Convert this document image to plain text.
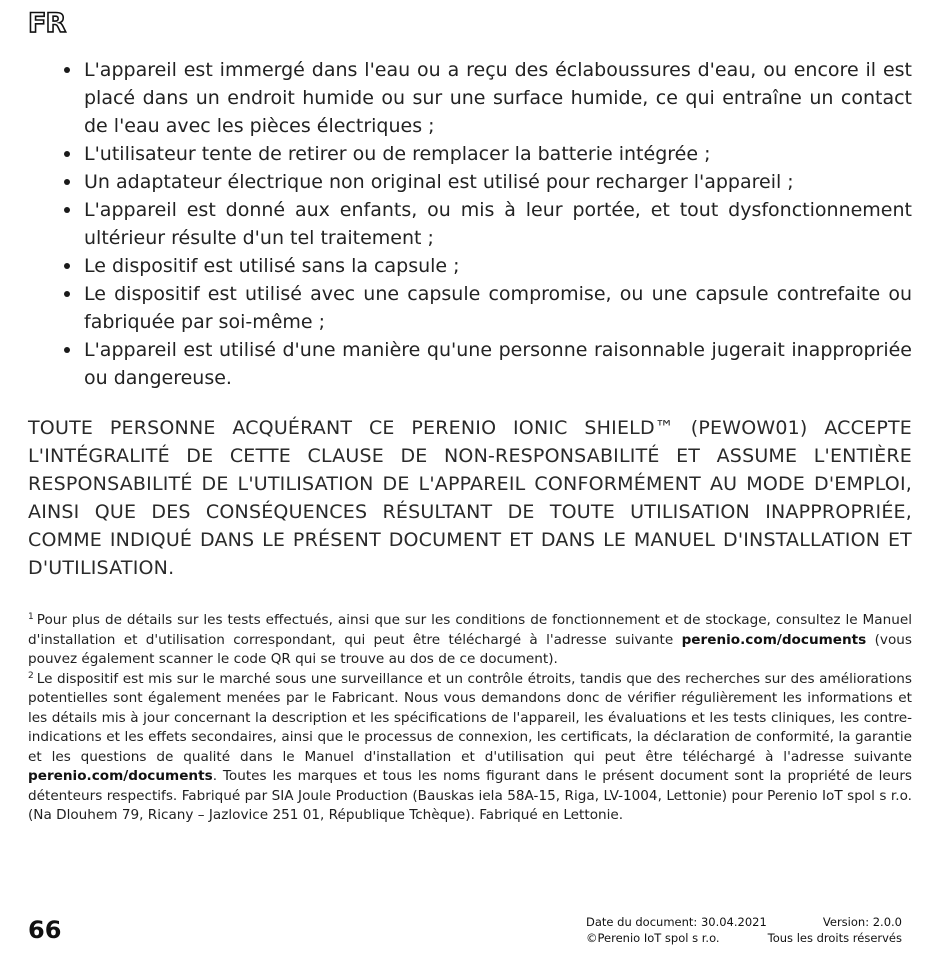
FR
L'appareil est immergé dans l'eau ou a reçu des éclaboussures d'eau, ou encore il est placé dans un endroit humide ou sur une surface humide, ce qui entraîne un contact de l'eau avec les pièces électriques ;
L'utilisateur tente de retirer ou de remplacer la batterie intégrée ;
Un adaptateur électrique non original est utilisé pour recharger l'appareil ;
L'appareil est donné aux enfants, ou mis à leur portée, et tout dysfonctionnement ultérieur résulte d'un tel traitement ;
Le dispositif est utilisé sans la capsule ;
Le dispositif est utilisé avec une capsule compromise, ou une capsule contrefaite ou fabriquée par soi-même ;
L'appareil est utilisé d'une manière qu'une personne raisonnable jugerait inappropriée ou dangereuse.

TOUTE PERSONNE ACQUÉRANT CE PERENIO IONIC SHIELD™ (PEWOW01) ACCEPTE L'INTÉGRALITÉ DE CETTE CLAUSE DE NON-RESPONSABILITÉ ET ASSUME L'ENTIÈRE RESPONSABILITÉ DE L'UTILISATION DE L'APPAREIL CONFORMÉMENT AU MODE D'EMPLOI, AINSI QUE DES CONSÉQUENCES RÉSULTANT DE TOUTE UTILISATION INAPPROPRIÉE, COMME INDIQUÉ DANS LE PRÉSENT DOCUMENT ET DANS LE MANUEL D'INSTALLATION ET D'UTILISATION.

$^1$ Pour plus de détails sur les tests effectués, ainsi que sur les conditions de fonctionnement et de stockage, consultez le Manuel d'installation et d'utilisation correspondant, qui peut être téléchargé à l'adresse suivante perenio.com/documents (vous pouvez également scanner le code QR qui se trouve au dos de ce document).

$^2$ Le dispositif est mis sur le marché sous une surveillance et un contrôle étroits, tandis que des recherches sur des améliorations potentielles sont également menées par le Fabricant. Nous vous demandons donc de vérifier régulièrement les informations et les détails mis à jour concernant la description et les spécifications de l'appareil, les évaluations et les tests cliniques, les contre-indications et les effets secondaires, ainsi que le processus de connexion, les certificats, la déclaration de conformité, la garantie et les questions de qualité dans le Manuel d'installation et d'utilisation qui peut être téléchargé à l'adresse suivante perenio.com/documents. Toutes les marques et tous les noms figurant dans le présent document sont la propriété de leurs détenteurs respectifs. Fabriqué par SIA Joule Production (Bauskas iela 58A-15, Riga, LV-1004, Lettonie) pour Perenio IoT spol s r.o. (Na Dlouhem 79, Ricany – Jazlovice 251 01, République Tchèque). Fabriqué en Lettonie.

66	Date du document: 30.04.2021	Version: 2.0.0
©Perenio IoT spol s r.o.	Tous les droits réservés
